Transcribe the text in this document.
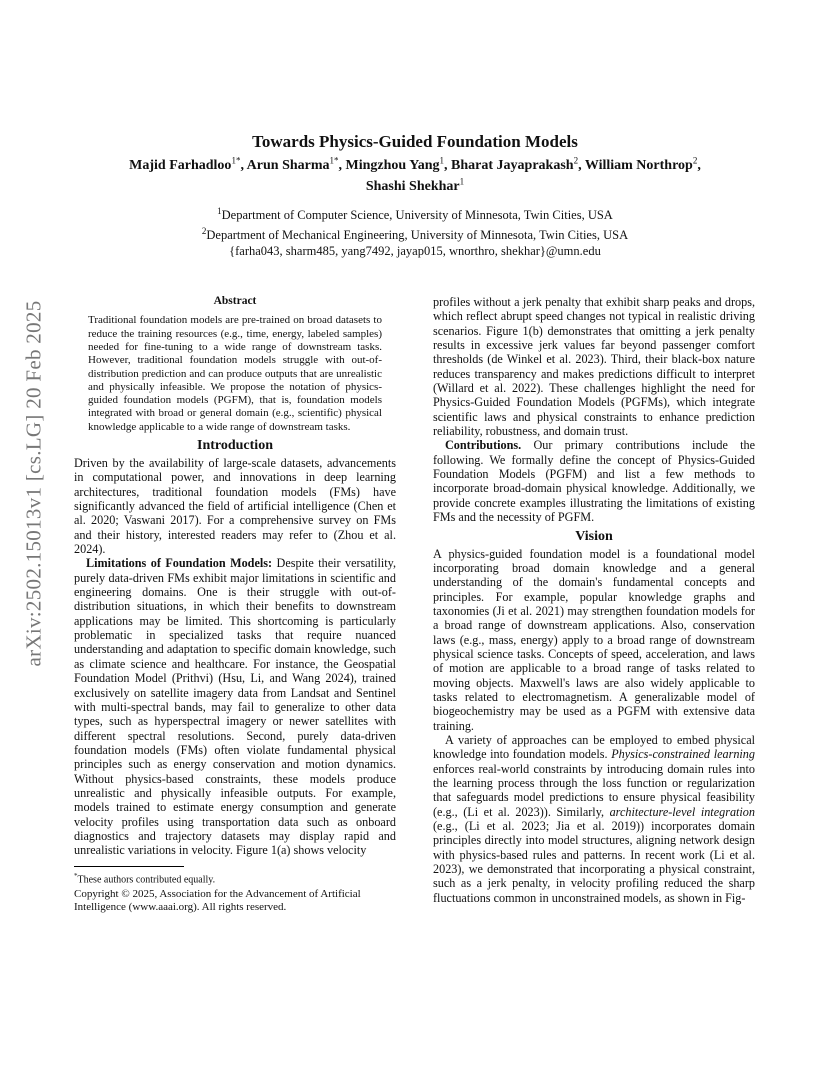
arXiv:2502.15013v1 [cs.LG] 20 Feb 2025
Towards Physics-Guided Foundation Models
Majid Farhadloo$^{1*}$, Arun Sharma$^{1*}$, Mingzhou Yang$^1$, Bharat Jayaprakash$^2$, William Northrop$^2$,
Shashi Shekhar$^1$
$^1$Department of Computer Science, University of Minnesota, Twin Cities, USA
$^2$Department of Mechanical Engineering, University of Minnesota, Twin Cities, USA
{farha043, sharm485, yang7492, jayap015, wnorthro, shekhar}@umn.edu
Abstract

Traditional foundation models are pre-trained on broad datasets to reduce the training resources (e.g., time, energy, labeled samples) needed for fine-tuning to a wide range of downstream tasks. However, traditional foundation models struggle with out-of-distribution prediction and can produce outputs that are unrealistic and physically infeasible. We propose the notation of physics-guided foundation models (PGFM), that is, foundation models integrated with broad or general domain (e.g., scientific) physical knowledge applicable to a wide range of downstream tasks.

Introduction

Driven by the availability of large-scale datasets, advancements in computational power, and innovations in deep learning architectures, traditional foundation models (FMs) have significantly advanced the field of artificial intelligence (Chen et al. 2020; Vaswani 2017). For a comprehensive survey on FMs and their history, interested readers may refer to (Zhou et al. 2024).

Limitations of Foundation Models: Despite their versatility, purely data-driven FMs exhibit major limitations in scientific and engineering domains. One is their struggle with out-of-distribution situations, in which their benefits to downstream applications may be limited. This shortcoming is particularly problematic in specialized tasks that require nuanced understanding and adaptation to specific domain knowledge, such as climate science and healthcare. For instance, the Geospatial Foundation Model (Prithvi) (Hsu, Li, and Wang 2024), trained exclusively on satellite imagery data from Landsat and Sentinel with multi-spectral bands, may fail to generalize to other data types, such as hyperspectral imagery or newer satellites with different spectral resolutions. Second, purely data-driven foundation models (FMs) often violate fundamental physical principles such as energy conservation and motion dynamics. Without physics-based constraints, these models produce unrealistic and physically infeasible outputs. For example, models trained to estimate energy consumption and generate velocity profiles using transportation data such as onboard diagnostics and trajectory datasets may display rapid and unrealistic variations in velocity. Figure 1(a) shows velocity

*These authors contributed equally.
Copyright © 2025, Association for the Advancement of Artificial Intelligence (www.aaai.org). All rights reserved.

profiles without a jerk penalty that exhibit sharp peaks and drops, which reflect abrupt speed changes not typical in realistic driving scenarios. Figure 1(b) demonstrates that omitting a jerk penalty results in excessive jerk values far beyond passenger comfort thresholds (de Winkel et al. 2023). Third, their black-box nature reduces transparency and makes predictions difficult to interpret (Willard et al. 2022). These challenges highlight the need for Physics-Guided Foundation Models (PGFMs), which integrate scientific laws and physical constraints to enhance prediction reliability, robustness, and domain trust.

Contributions. Our primary contributions include the following. We formally define the concept of Physics-Guided Foundation Models (PGFM) and list a few methods to incorporate broad-domain physical knowledge. Additionally, we provide concrete examples illustrating the limitations of existing FMs and the necessity of PGFM.

Vision

A physics-guided foundation model is a foundational model incorporating broad domain knowledge and a general understanding of the domain's fundamental concepts and principles. For example, popular knowledge graphs and taxonomies (Ji et al. 2021) may strengthen foundation models for a broad range of downstream applications. Also, conservation laws (e.g., mass, energy) apply to a broad range of downstream physical science tasks. Concepts of speed, acceleration, and laws of motion are applicable to a broad range of tasks related to moving objects. Maxwell's laws are also widely applicable to tasks related to electromagnetism. A generalizable model of biogeochemistry may be used as a PGFM with extensive data training.

A variety of approaches can be employed to embed physical knowledge into foundation models. Physics-constrained learning enforces real-world constraints by introducing domain rules into the learning process through the loss function or regularization that safeguards model predictions to ensure physical feasibility (e.g., (Li et al. 2023)). Similarly, architecture-level integration (e.g., (Li et al. 2023; Jia et al. 2019)) incorporates domain principles directly into model structures, aligning network design with physics-based rules and patterns. In recent work (Li et al. 2023), we demonstrated that incorporating a physical constraint, such as a jerk penalty, in velocity profiling reduced the sharp fluctuations common in unconstrained models, as shown in Fig-
